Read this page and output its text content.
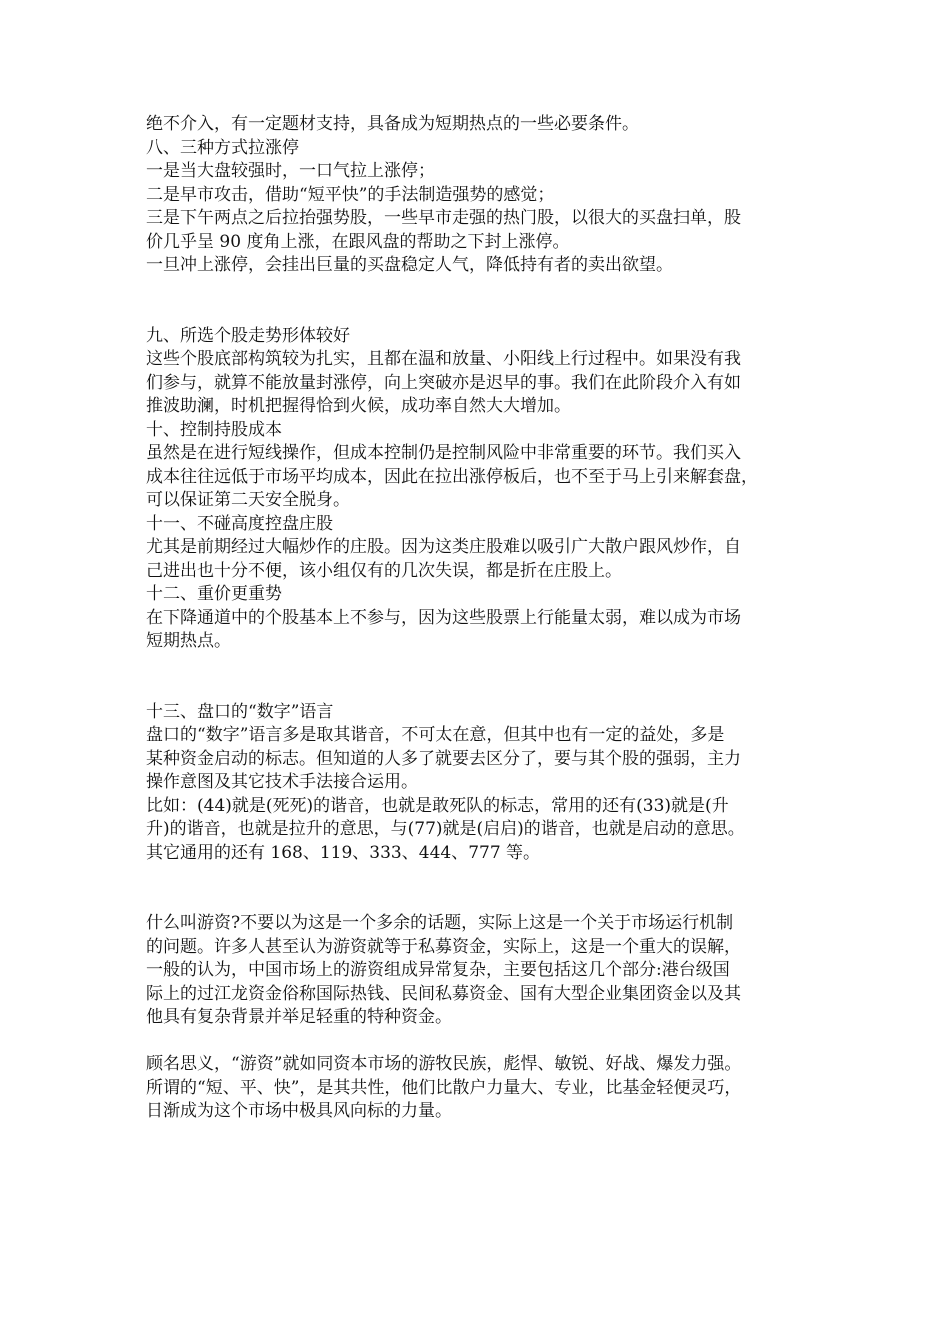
绝不介入，有一定题材支持，具备成为短期热点的一些必要条件。
八、三种方式拉涨停
一是当大盘较强时，一口气拉上涨停；
二是早市攻击，借助“短平快”的手法制造强势的感觉；
三是下午两点之后拉抬强势股，一些早市走强的热门股，以很大的买盘扫单，股
价几乎呈 90 度角上涨，在跟风盘的帮助之下封上涨停。
一旦冲上涨停，会挂出巨量的买盘稳定人气，降低持有者的卖出欲望。
九、所选个股走势形体较好
这些个股底部构筑较为扎实，且都在温和放量、小阳线上行过程中。如果没有我
们参与，就算不能放量封涨停，向上突破亦是迟早的事。我们在此阶段介入有如
推波助澜，时机把握得恰到火候，成功率自然大大增加。
十、控制持股成本
虽然是在进行短线操作，但成本控制仍是控制风险中非常重要的环节。我们买入
成本往往远低于市场平均成本，因此在拉出涨停板后，也不至于马上引来解套盘，
可以保证第二天安全脱身。
十一、不碰高度控盘庄股
尤其是前期经过大幅炒作的庄股。因为这类庄股难以吸引广大散户跟风炒作，自
己进出也十分不便，该小组仅有的几次失误，都是折在庄股上。
十二、重价更重势
在下降通道中的个股基本上不参与，因为这些股票上行能量太弱，难以成为市场
短期热点。
十三、盘口的“数字”语言
盘口的“数字”语言多是取其谐音，不可太在意，但其中也有一定的益处，多是
某种资金启动的标志。但知道的人多了就要去区分了，要与其个股的强弱，主力
操作意图及其它技术手法接合运用。
比如：(44)就是(死死)的谐音，也就是敢死队的标志，常用的还有(33)就是(升
升)的谐音，也就是拉升的意思，与(77)就是(启启)的谐音，也就是启动的意思。
其它通用的还有 168、119、333、444、777 等。
什么叫游资?不要以为这是一个多余的话题，实际上这是一个关于市场运行机制
的问题。许多人甚至认为游资就等于私募资金，实际上，这是一个重大的误解，
一般的认为，中国市场上的游资组成异常复杂，主要包括这几个部分:港台级国
际上的过江龙资金俗称国际热钱、民间私募资金、国有大型企业集团资金以及其
他具有复杂背景并举足轻重的特种资金。
顾名思义，“游资”就如同资本市场的游牧民族，彪悍、敏锐、好战、爆发力强。
所谓的“短、平、快”，是其共性，他们比散户力量大、专业，比基金轻便灵巧，
日渐成为这个市场中极具风向标的力量。
